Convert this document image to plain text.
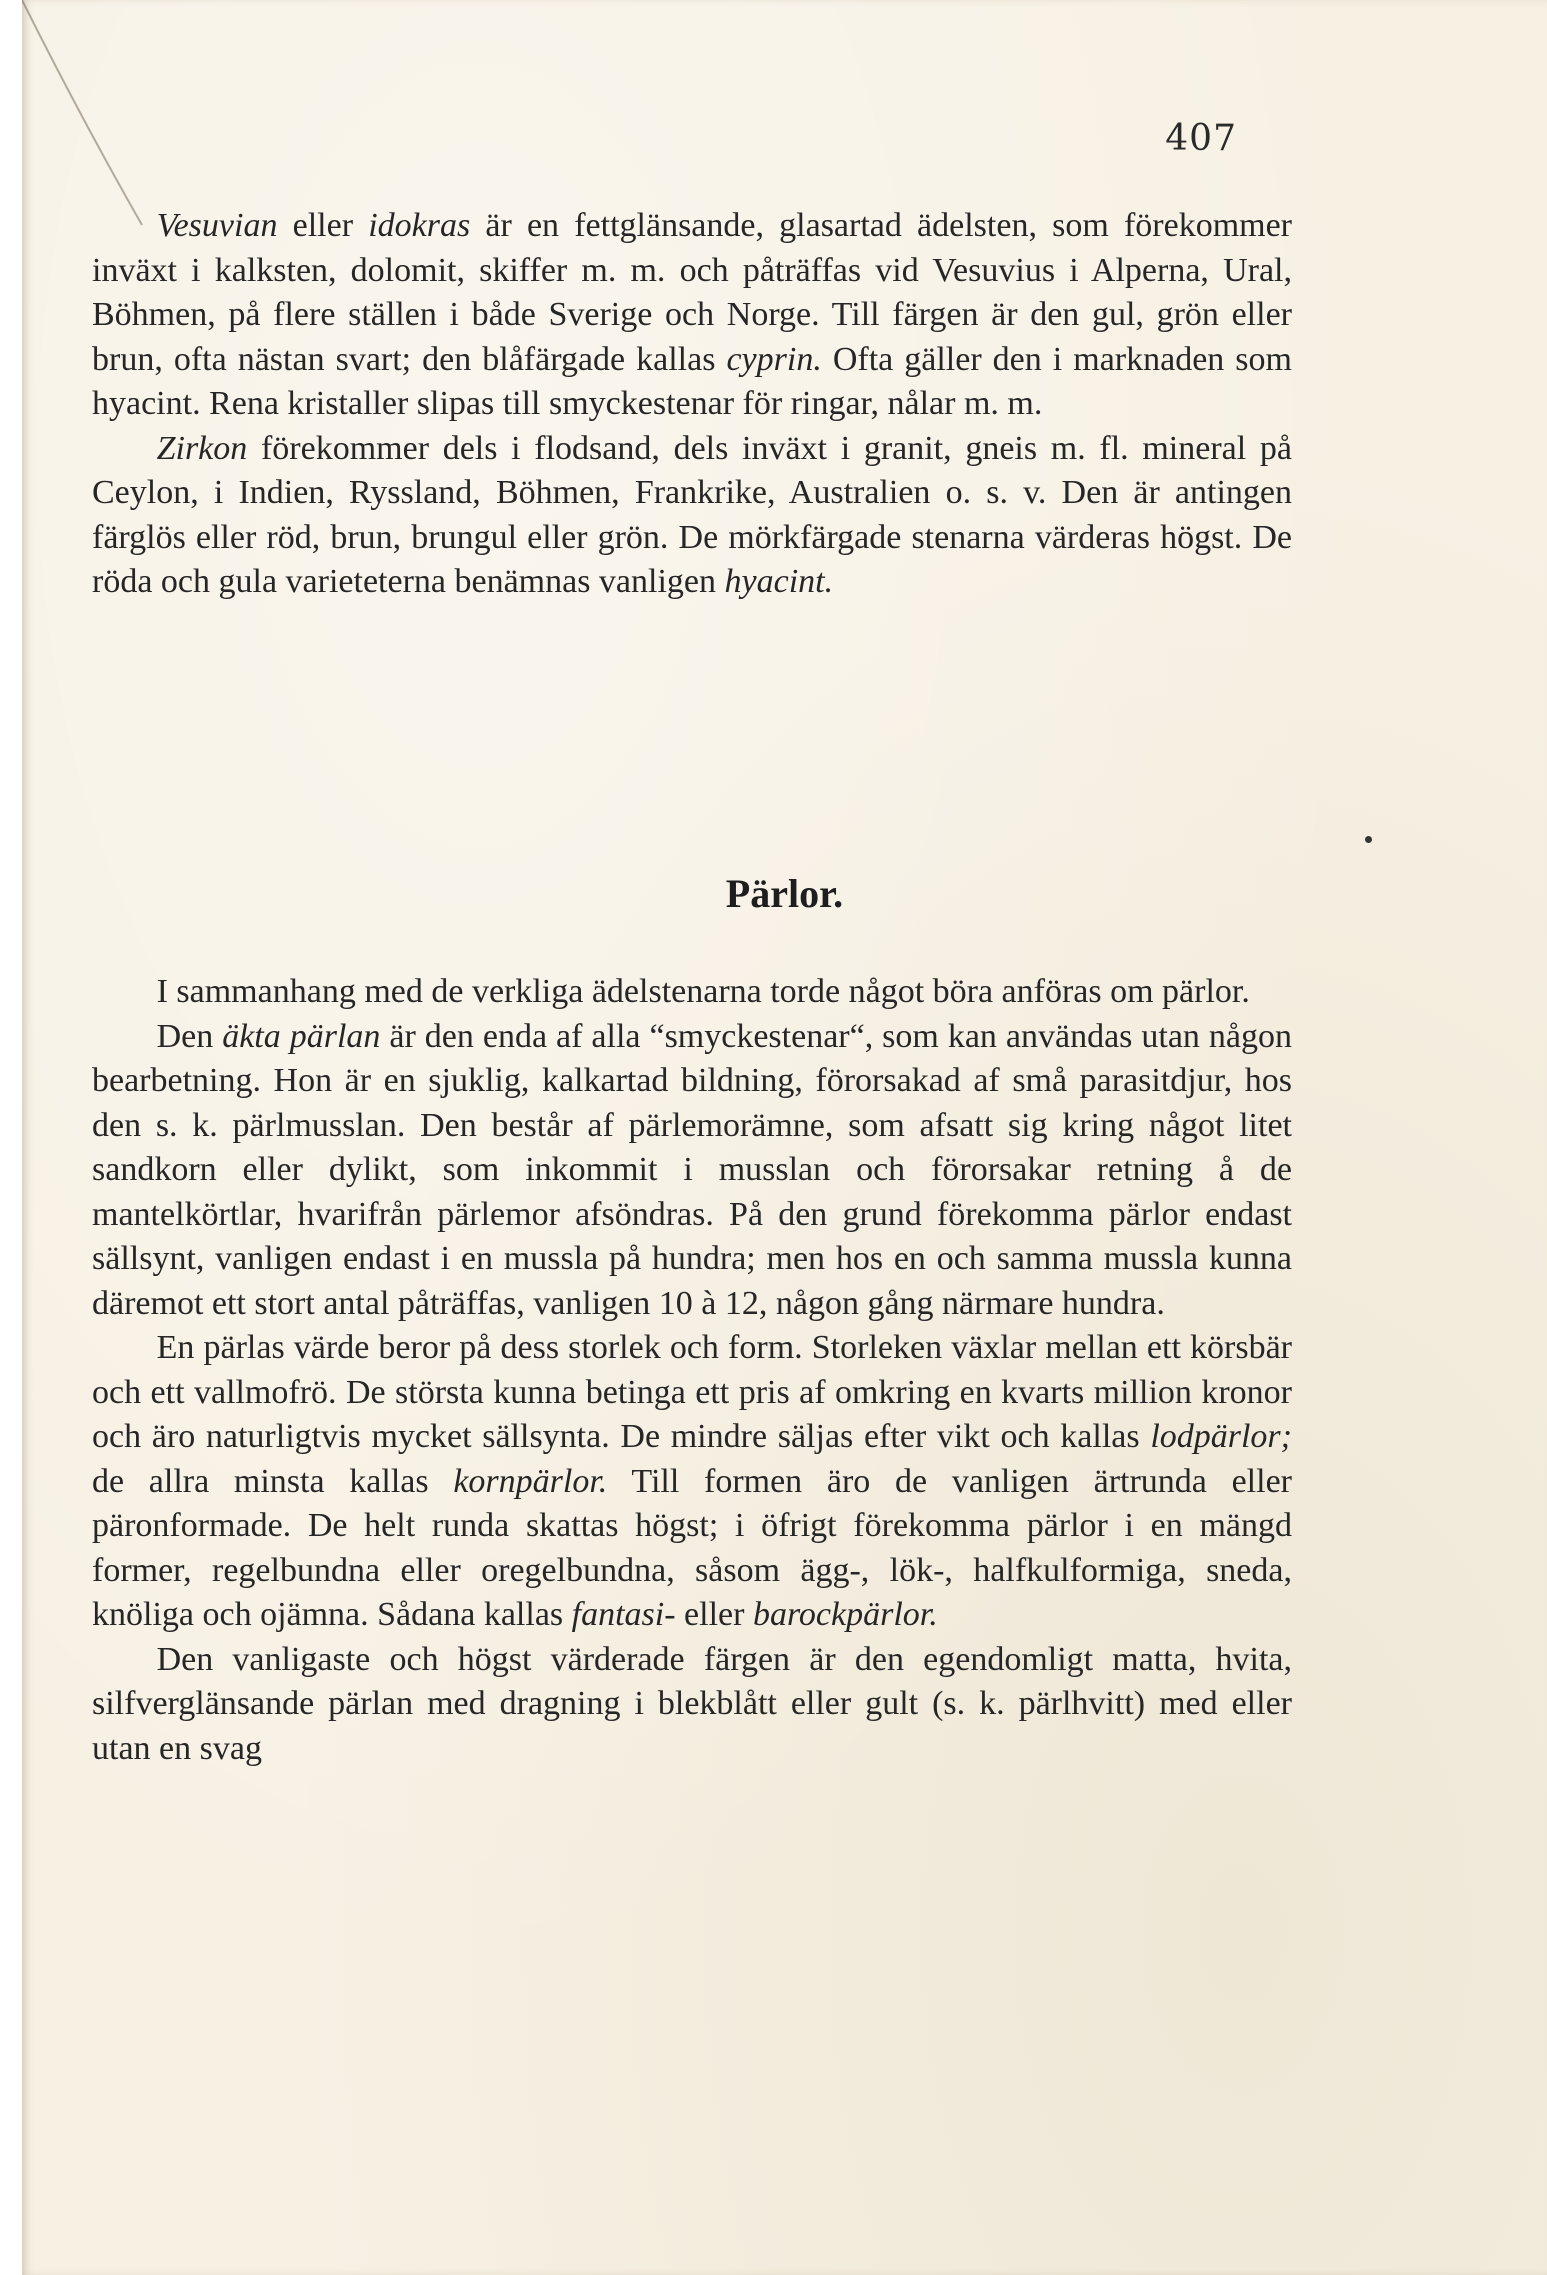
407

Vesuvian eller idokras är en fettglänsande, glasartad ädelsten, som förekommer inväxt i kalksten, dolomit, skiffer m. m. och påträffas vid Vesuvius i Alperna, Ural, Böhmen, på flere ställen i både Sverige och Norge. Till färgen är den gul, grön eller brun, ofta nästan svart; den blåfärgade kallas cyprin. Ofta gäller den i marknaden som hyacint. Rena kristaller slipas till smyckestenar för ringar, nålar m. m.

Zirkon förekommer dels i flodsand, dels inväxt i granit, gneis m. fl. mineral på Ceylon, i Indien, Ryssland, Böhmen, Frankrike, Australien o. s. v. Den är antingen färglös eller röd, brun, brungul eller grön. De mörkfärgade stenarna värderas högst. De röda och gula varieteterna benämnas vanligen hyacint.

Pärlor.

I sammanhang med de verkliga ädelstenarna torde något böra anföras om pärlor.

Den äkta pärlan är den enda af alla “smyckestenar“, som kan användas utan någon bearbetning. Hon är en sjuklig, kalkartad bildning, förorsakad af små parasitdjur, hos den s. k. pärlmusslan. Den består af pärlemorämne, som afsatt sig kring något litet sandkorn eller dylikt, som inkommit i musslan och förorsakar retning å de mantelkörtlar, hvarifrån pärlemor afsöndras. På den grund förekomma pärlor endast sällsynt, vanligen endast i en mussla på hundra; men hos en och samma mussla kunna däremot ett stort antal påträffas, vanligen 10 à 12, någon gång närmare hundra.

En pärlas värde beror på dess storlek och form. Storleken växlar mellan ett körsbär och ett vallmofrö. De största kunna betinga ett pris af omkring en kvarts million kronor och äro naturligtvis mycket sällsynta. De mindre säljas efter vikt och kallas lodpärlor; de allra minsta kallas kornpärlor. Till formen äro de vanligen ärtrunda eller päronformade. De helt runda skattas högst; i öfrigt förekomma pärlor i en mängd former, regelbundna eller oregelbundna, såsom ägg-, lök-, halfkulformiga, sneda, knöliga och ojämna. Sådana kallas fantasi- eller barockpärlor.

Den vanligaste och högst värderade färgen är den egendomligt matta, hvita, silfverglänsande pärlan med dragning i blekblått eller gult (s. k. pärlhvitt) med eller utan en svag
